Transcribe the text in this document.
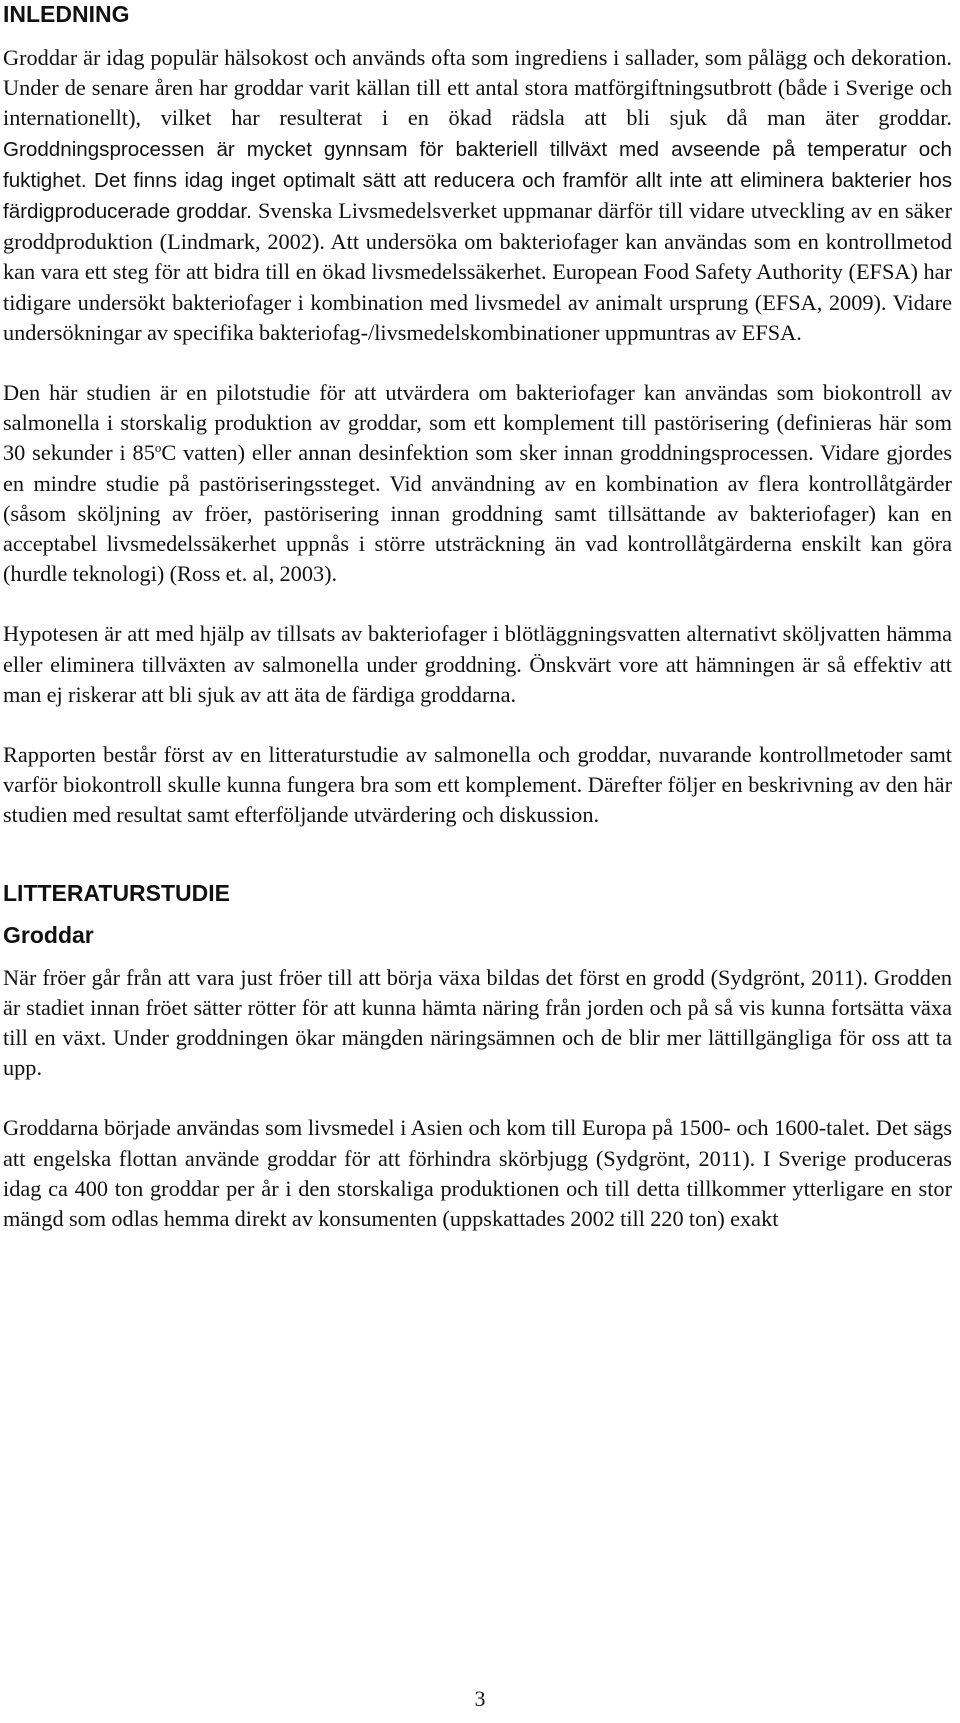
INLEDNING

Groddar är idag populär hälsokost och används ofta som ingrediens i sallader, som pålägg och dekoration. Under de senare åren har groddar varit källan till ett antal stora matförgiftningsutbrott (både i Sverige och internationellt), vilket har resulterat i en ökad rädsla att bli sjuk då man äter groddar. Groddningsprocessen är mycket gynnsam för bakteriell tillväxt med avseende på temperatur och fuktighet. Det finns idag inget optimalt sätt att reducera och framför allt inte att eliminera bakterier hos färdigproducerade groddar. Svenska Livsmedelsverket uppmanar därför till vidare utveckling av en säker groddproduktion (Lindmark, 2002). Att undersöka om bakteriofager kan användas som en kontrollmetod kan vara ett steg för att bidra till en ökad livsmedelssäkerhet. European Food Safety Authority (EFSA) har tidigare undersökt bakteriofager i kombination med livsmedel av animalt ursprung (EFSA, 2009). Vidare undersökningar av specifika bakteriofag-/livsmedelskombinationer uppmuntras av EFSA.

Den här studien är en pilotstudie för att utvärdera om bakteriofager kan användas som biokontroll av salmonella i storskalig produktion av groddar, som ett komplement till pastörisering (definieras här som 30 sekunder i 85$^o$C vatten) eller annan desinfektion som sker innan groddningsprocessen. Vidare gjordes en mindre studie på pastöriseringssteget. Vid användning av en kombination av flera kontrollåtgärder (såsom sköljning av fröer, pastörisering innan groddning samt tillsättande av bakteriofager) kan en acceptabel livsmedelssäkerhet uppnås i större utsträckning än vad kontrollåtgärderna enskilt kan göra (hurdle teknologi) (Ross et. al, 2003).

Hypotesen är att med hjälp av tillsats av bakteriofager i blötläggningsvatten alternativt sköljvatten hämma eller eliminera tillväxten av salmonella under groddning. Önskvärt vore att hämningen är så effektiv att man ej riskerar att bli sjuk av att äta de färdiga groddarna.

Rapporten består först av en litteraturstudie av salmonella och groddar, nuvarande kontrollmetoder samt varför biokontroll skulle kunna fungera bra som ett komplement. Därefter följer en beskrivning av den här studien med resultat samt efterföljande utvärdering och diskussion.

LITTERATURSTUDIE
Groddar

När fröer går från att vara just fröer till att börja växa bildas det först en grodd (Sydgrönt, 2011). Grodden är stadiet innan fröet sätter rötter för att kunna hämta näring från jorden och på så vis kunna fortsätta växa till en växt. Under groddningen ökar mängden näringsämnen och de blir mer lättillgängliga för oss att ta upp.

Groddarna började användas som livsmedel i Asien och kom till Europa på 1500- och 1600-talet. Det sägs att engelska flottan använde groddar för att förhindra skörbjugg (Sydgrönt, 2011). I Sverige produceras idag ca 400 ton groddar per år i den storskaliga produktionen och till detta tillkommer ytterligare en stor mängd som odlas hemma direkt av konsumenten (uppskattades 2002 till 220 ton) exakt

3
